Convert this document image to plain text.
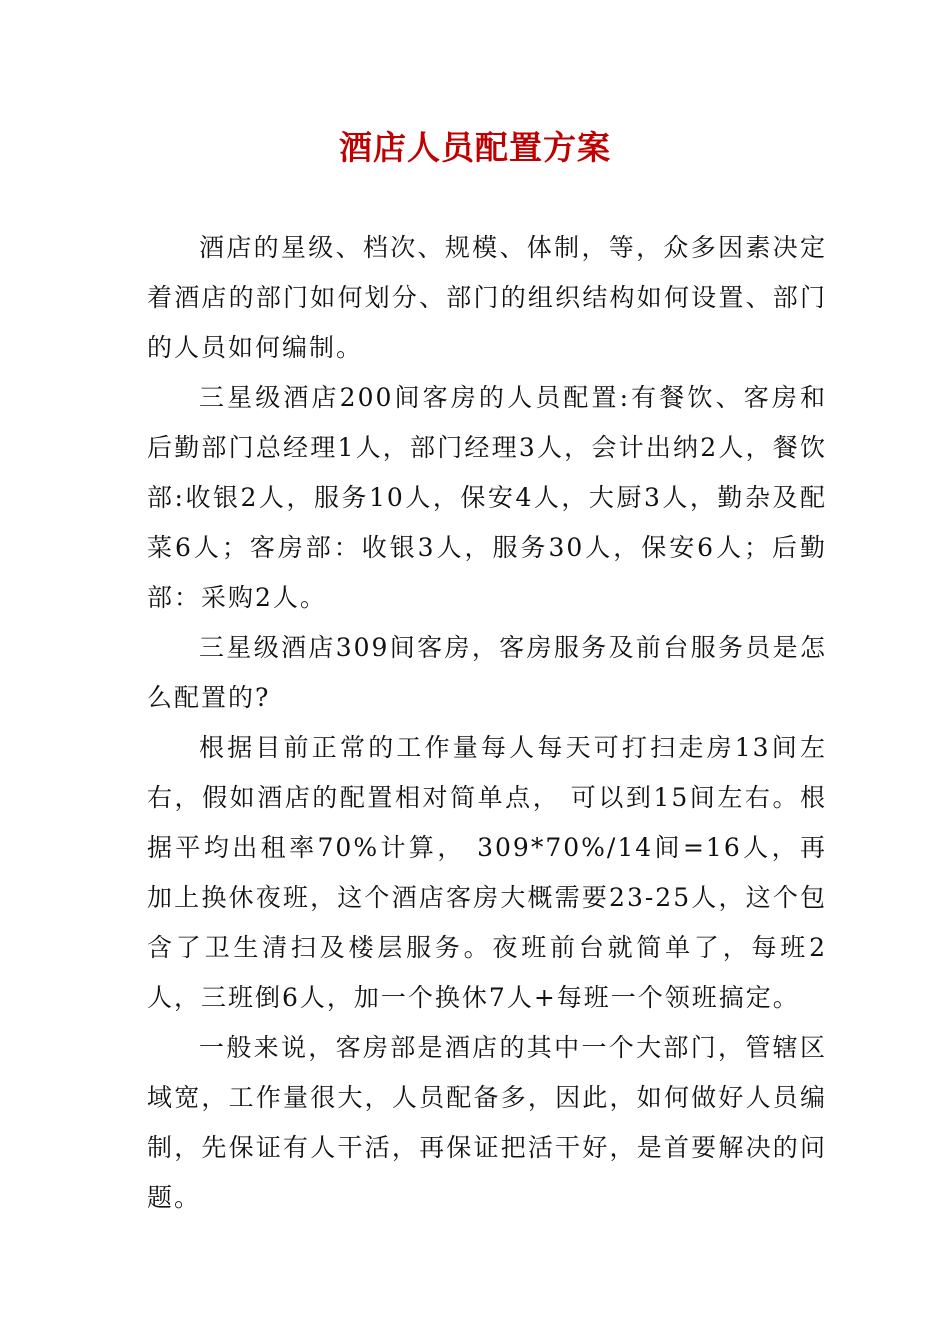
酒店人员配置方案

酒店的星级、档次、规模、体制，等，众多因素决定着酒店的部门如何划分、部门的组织结构如何设置、部门的人员如何编制。

三星级酒店200间客房的人员配置:有餐饮、客房和后勤部门总经理1人，部门经理3人，会计出纳2人，餐饮部:收银2人，服务10人，保安4人，大厨3人，勤杂及配菜6人；客房部：收银3人，服务30人，保安6人；后勤部：采购2人。

三星级酒店309间客房，客房服务及前台服务员是怎么配置的?

根据目前正常的工作量每人每天可打扫走房13间左右，假如酒店的配置相对简单点， 可以到15间左右。根据平均出租率70%计算， 309*70%/14间=16人，再加上换休夜班，这个酒店客房大概需要23-25人，这个包含了卫生清扫及楼层服务。夜班前台就简单了，每班2人，三班倒6人，加一个换休7人+每班一个领班搞定。

一般来说，客房部是酒店的其中一个大部门，管辖区域宽，工作量很大，人员配备多，因此，如何做好人员编制，先保证有人干活，再保证把活干好，是首要解决的问题。
